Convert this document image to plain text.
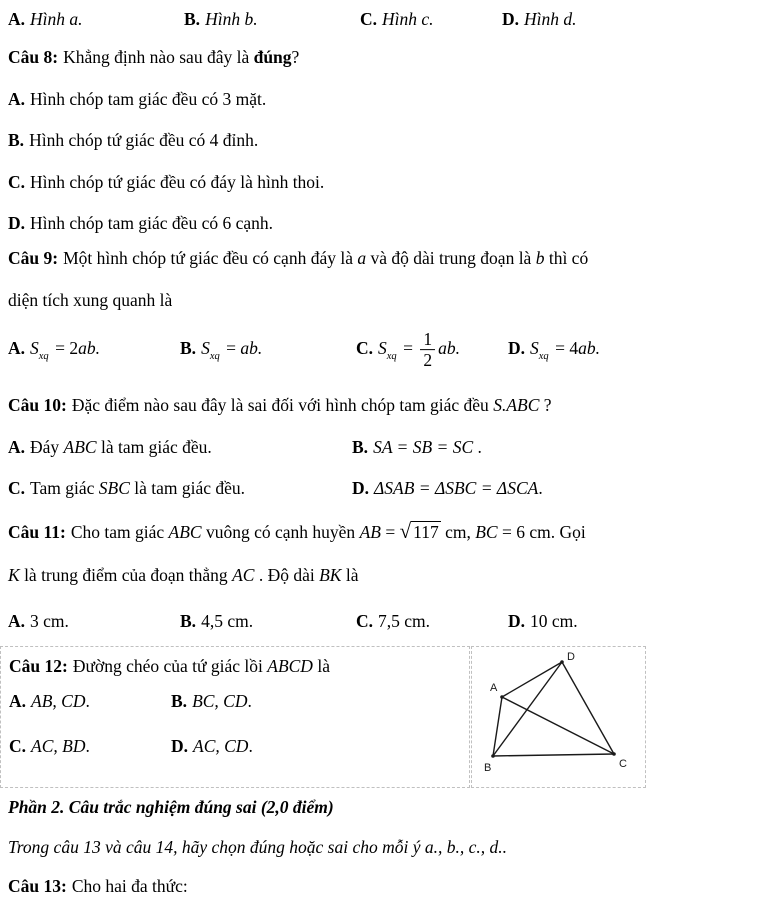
A. Hình a.	B. Hình b.	C. Hình c.	D. Hình d.
Câu 8: Khẳng định nào sau đây là đúng?
A. Hình chóp tam giác đều có 3 mặt.
B. Hình chóp tứ giác đều có 4 đỉnh.
C. Hình chóp tứ giác đều có đáy là hình thoi.
D. Hình chóp tam giác đều có 6 cạnh.
Câu 9: Một hình chóp tứ giác đều có cạnh đáy là a và độ dài trung đoạn là b thì có
diện tích xung quanh là
A. $S_{xq} = 2ab$.	B. $S_{xq}$ = ab.	C. $S_{xq} = \frac{1}{2}$ ab.	D. $S_{xq} = 4ab$.
Câu 10: Đặc điểm nào sau đây là sai đối với hình chóp tam giác đều S.ABC ?
A. Đáy ABC là tam giác đều.	B. SA = SB = SC .
C. Tam giác SBC là tam giác đều.	D. ΔSAB = ΔSBC = ΔSCA.
Câu 11: Cho tam giác ABC vuông có cạnh huyền AB = √ 117 cm, BC = 6 cm. Gọi
K là trung điểm của đoạn thẳng AC . Độ dài BK là
A. 3 cm.	B. 4,5 cm.	C. 7,5 cm.	D. 10 cm.
Câu 12: Đường chéo của tứ giác lồi ABCD là
A. AB, CD.	B. BC, CD.
C. AC, BD.	D. AC, CD.
A
B	C
D
Phần 2. Câu trắc nghiệm đúng sai (2,0 điểm)
Trong câu 13 và câu 14, hãy chọn đúng hoặc sai cho mỗi ý a., b., c., d..
Câu 13: Cho hai đa thức:
